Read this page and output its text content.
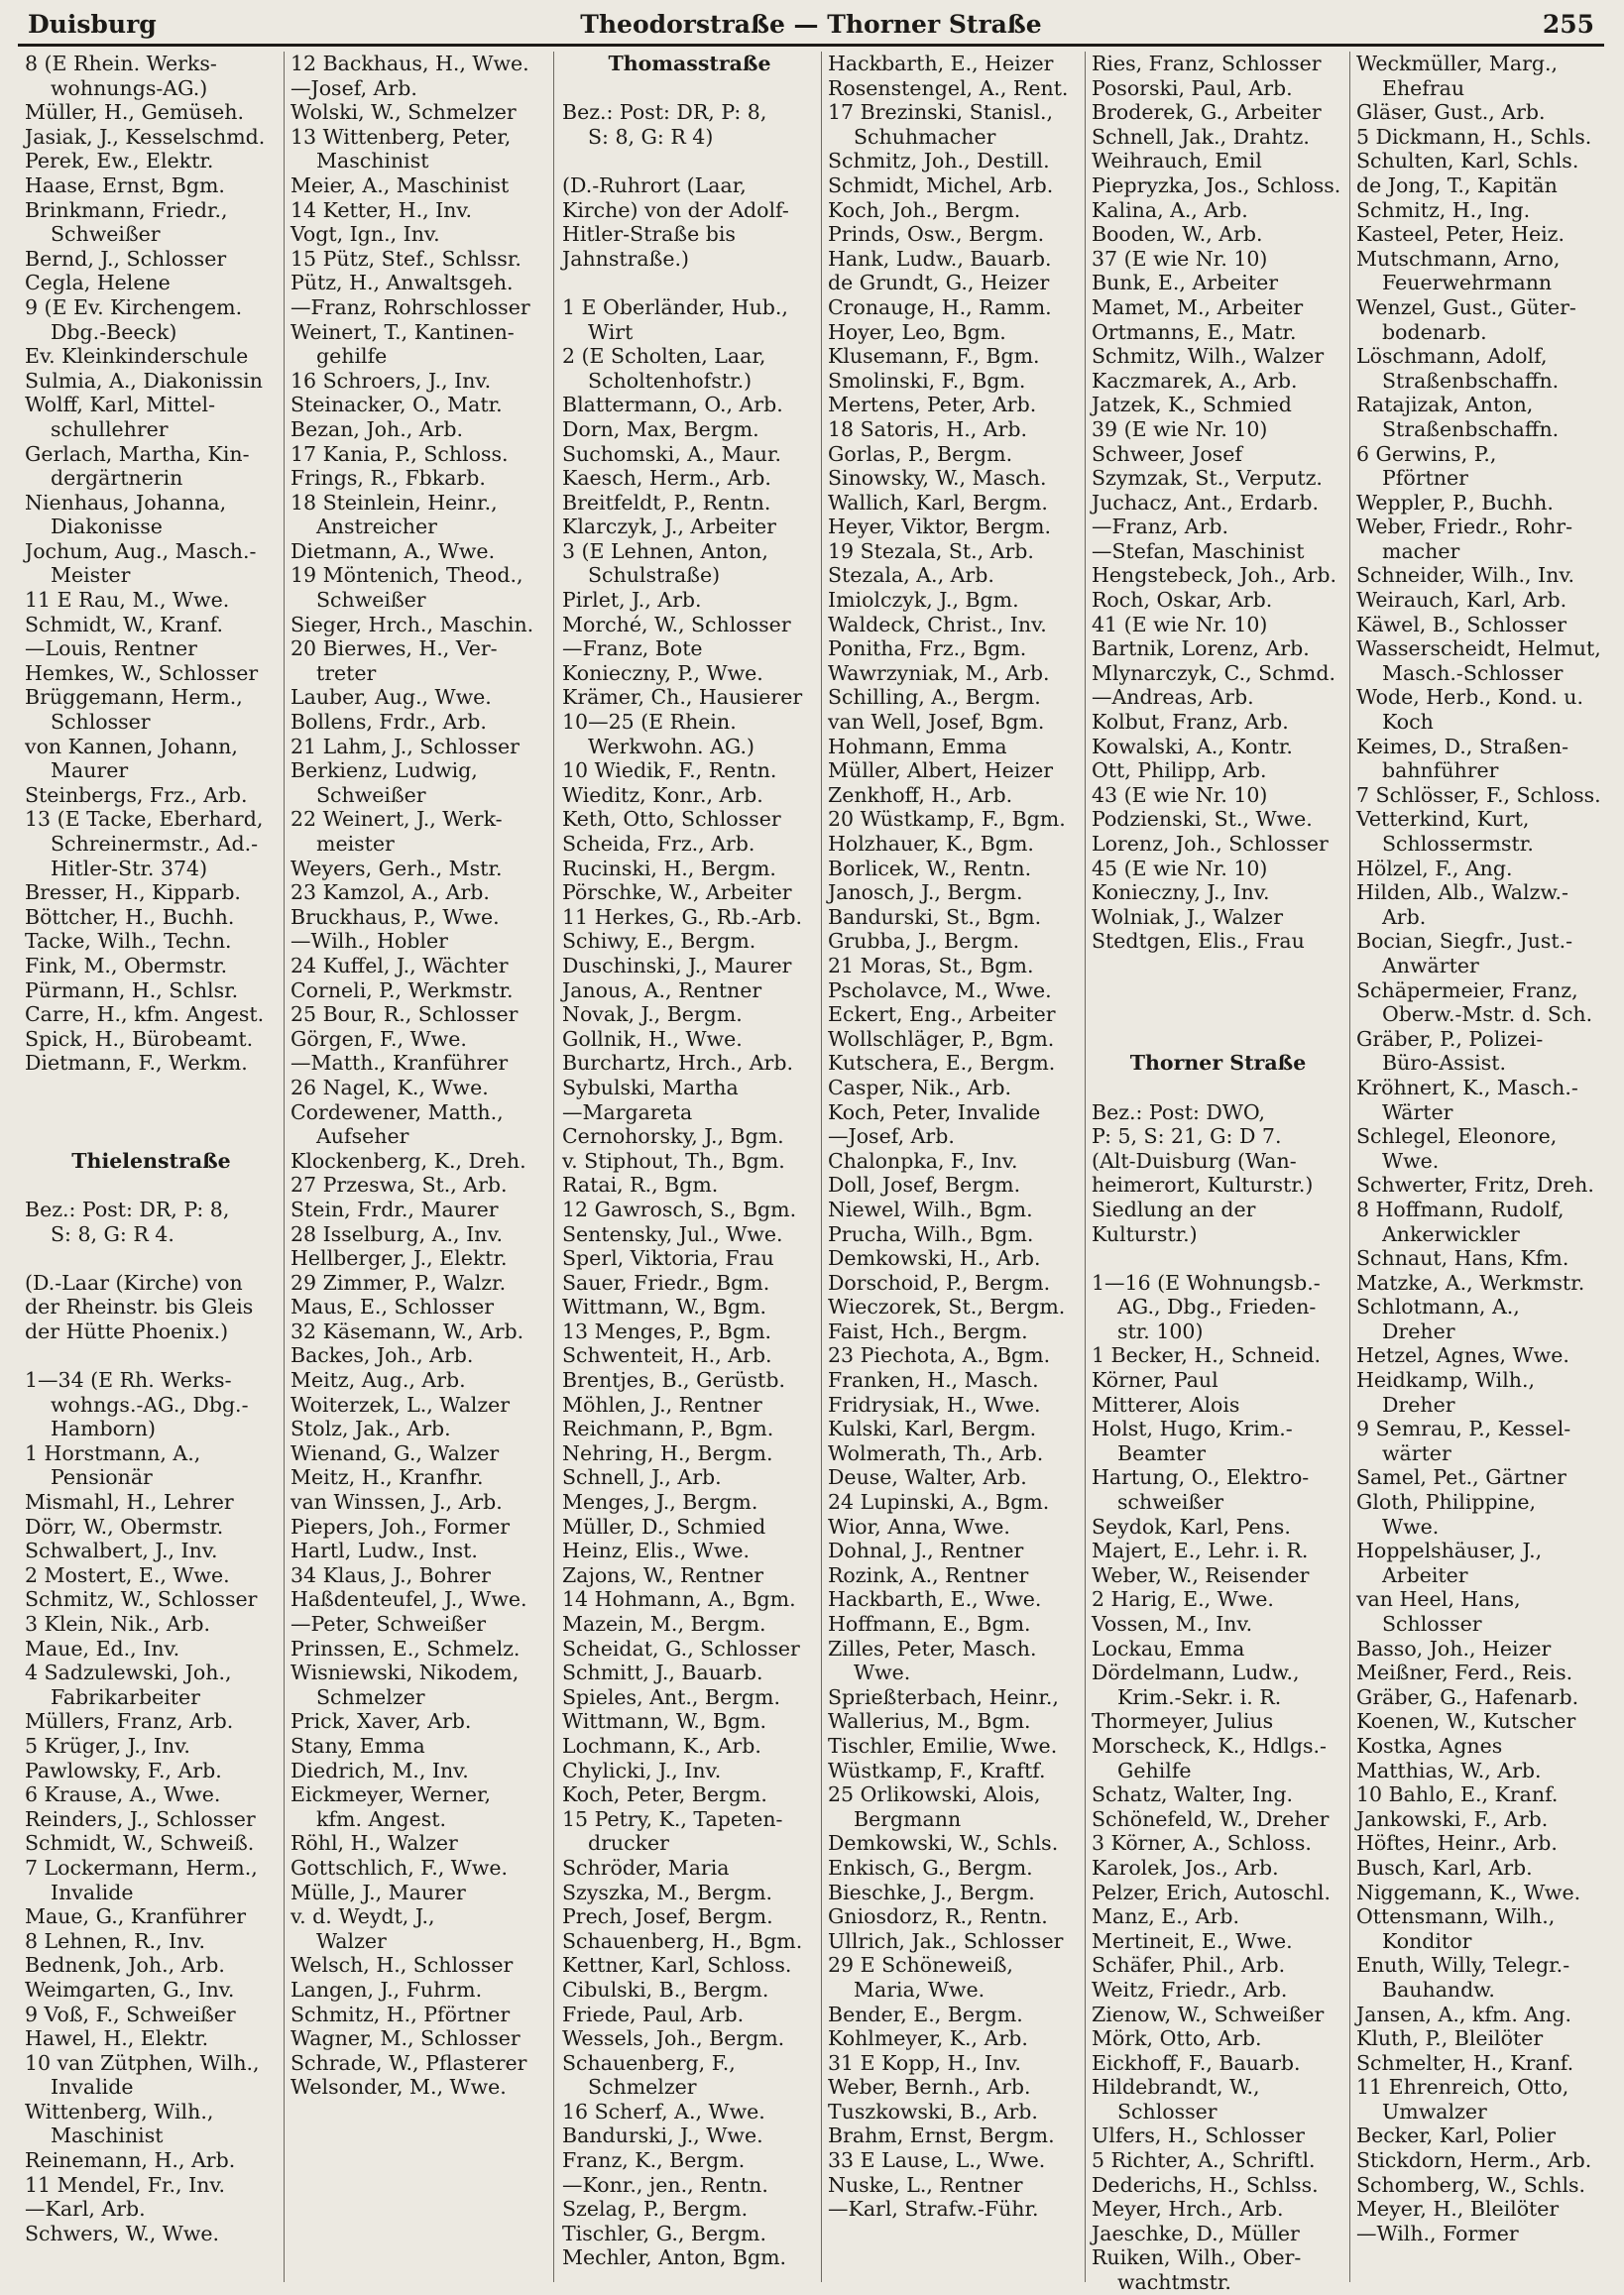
Duisburg	Theodorstraße — Thorner Straße	255
8 (E Rhein. Werks-
wohnungs-AG.)
Müller, H., Gemüseh.
Jasiak, J., Kesselschmd.
Perek, Ew., Elektr.
Haase, Ernst, Bgm.
Brinkmann, Friedr.,
Schweißer
Bernd, J., Schlosser
Cegla, Helene
9 (E Ev. Kirchengem.
Dbg.-Beeck)
Ev. Kleinkinderschule
Sulmia, A., Diakonissin
Wolff, Karl, Mittel-
schullehrer
Gerlach, Martha, Kin-
dergärtnerin
Nienhaus, Johanna,
Diakonisse
Jochum, Aug., Masch.-
Meister
11 E Rau, M., Wwe.
Schmidt, W., Kranf.
—Louis, Rentner
Hemkes, W., Schlosser
Brüggemann, Herm.,
Schlosser
von Kannen, Johann,
Maurer
Steinbergs, Frz., Arb.
13 (E Tacke, Eberhard,
Schreinermstr., Ad.-
Hitler-Str. 374)
Bresser, H., Kipparb.
Böttcher, H., Buchh.
Tacke, Wilh., Techn.
Fink, M., Obermstr.
Pürmann, H., Schlsr.
Carre, H., kfm. Angest.
Spick, H., Bürobeamt.
Dietmann, F., Werkm.
Thielenstraße
Bez.: Post: DR, P: 8,
S: 8, G: R 4.
(D.-Laar (Kirche) von
der Rheinstr. bis Gleis
der Hütte Phoenix.)
1—34 (E Rh. Werks-
wohngs.-AG., Dbg.-
Hamborn)
1 Horstmann, A.,
Pensionär
Mismahl, H., Lehrer
Dörr, W., Obermstr.
Schwalbert, J., Inv.
2 Mostert, E., Wwe.
Schmitz, W., Schlosser
3 Klein, Nik., Arb.
Maue, Ed., Inv.
4 Sadzulewski, Joh.,
Fabrikarbeiter
Müllers, Franz, Arb.
5 Krüger, J., Inv.
Pawlowsky, F., Arb.
6 Krause, A., Wwe.
Reinders, J., Schlosser
Schmidt, W., Schweiß.
7 Lockermann, Herm.,
Invalide
Maue, G., Kranführer
8 Lehnen, R., Inv.
Bednenk, Joh., Arb.
Weimgarten, G., Inv.
9 Voß, F., Schweißer
Hawel, H., Elektr.
10 van Zütphen, Wilh.,
Invalide
Wittenberg, Wilh.,
Maschinist
Reinemann, H., Arb.
11 Mendel, Fr., Inv.
—Karl, Arb.
Schwers, W., Wwe.
12 Backhaus, H., Wwe.
—Josef, Arb.
Wolski, W., Schmelzer
13 Wittenberg, Peter,
Maschinist
Meier, A., Maschinist
14 Ketter, H., Inv.
Vogt, Ign., Inv.
15 Pütz, Stef., Schlssr.
Pütz, H., Anwaltsgeh.
—Franz, Rohrschlosser
Weinert, T., Kantinen-
gehilfe
16 Schroers, J., Inv.
Steinacker, O., Matr.
Bezan, Joh., Arb.
17 Kania, P., Schloss.
Frings, R., Fbkarb.
18 Steinlein, Heinr.,
Anstreicher
Dietmann, A., Wwe.
19 Möntenich, Theod.,
Schweißer
Sieger, Hrch., Maschin.
20 Bierwes, H., Ver-
treter
Lauber, Aug., Wwe.
Bollens, Frdr., Arb.
21 Lahm, J., Schlosser
Berkienz, Ludwig,
Schweißer
22 Weinert, J., Werk-
meister
Weyers, Gerh., Mstr.
23 Kamzol, A., Arb.
Bruckhaus, P., Wwe.
—Wilh., Hobler
24 Kuffel, J., Wächter
Corneli, P., Werkmstr.
25 Bour, R., Schlosser
Görgen, F., Wwe.
—Matth., Kranführer
26 Nagel, K., Wwe.
Cordewener, Matth.,
Aufseher
Klockenberg, K., Dreh.
27 Przeswa, St., Arb.
Stein, Frdr., Maurer
28 Isselburg, A., Inv.
Hellberger, J., Elektr.
29 Zimmer, P., Walzr.
Maus, E., Schlosser
32 Käsemann, W., Arb.
Backes, Joh., Arb.
Meitz, Aug., Arb.
Woiterzek, L., Walzer
Stolz, Jak., Arb.
Wienand, G., Walzer
Meitz, H., Kranfhr.
van Winssen, J., Arb.
Piepers, Joh., Former
Hartl, Ludw., Inst.
34 Klaus, J., Bohrer
Haßdenteufel, J., Wwe.
—Peter, Schweißer
Prinssen, E., Schmelz.
Wisniewski, Nikodem,
Schmelzer
Prick, Xaver, Arb.
Stany, Emma
Diedrich, M., Inv.
Eickmeyer, Werner,
kfm. Angest.
Röhl, H., Walzer
Gottschlich, F., Wwe.
Mülle, J., Maurer
v. d. Weydt, J.,
Walzer
Welsch, H., Schlosser
Langen, J., Fuhrm.
Schmitz, H., Pförtner
Wagner, M., Schlosser
Schrade, W., Pflasterer
Welsonder, M., Wwe.
Thomasstraße
Bez.: Post: DR, P: 8,
S: 8, G: R 4)
(D.-Ruhrort (Laar,
Kirche) von der Adolf-
Hitler-Straße bis
Jahnstraße.)
1 E Oberländer, Hub.,
Wirt
2 (E Scholten, Laar,
Scholtenhofstr.)
Blattermann, O., Arb.
Dorn, Max, Bergm.
Suchomski, A., Maur.
Kaesch, Herm., Arb.
Breitfeldt, P., Rentn.
Klarczyk, J., Arbeiter
3 (E Lehnen, Anton,
Schulstraße)
Pirlet, J., Arb.
Morché, W., Schlosser
—Franz, Bote
Konieczny, P., Wwe.
Krämer, Ch., Hausierer
10—25 (E Rhein.
Werkwohn. AG.)
10 Wiedik, F., Rentn.
Wieditz, Konr., Arb.
Keth, Otto, Schlosser
Scheida, Frz., Arb.
Rucinski, H., Bergm.
Pörschke, W., Arbeiter
11 Herkes, G., Rb.-Arb.
Schiwy, E., Bergm.
Duschinski, J., Maurer
Janous, A., Rentner
Novak, J., Bergm.
Gollnik, H., Wwe.
Burchartz, Hrch., Arb.
Sybulski, Martha
—Margareta
Cernohorsky, J., Bgm.
v. Stiphout, Th., Bgm.
Ratai, R., Bgm.
12 Gawrosch, S., Bgm.
Sentensky, Jul., Wwe.
Sperl, Viktoria, Frau
Sauer, Friedr., Bgm.
Wittmann, W., Bgm.
13 Menges, P., Bgm.
Schwenteit, H., Arb.
Brentjes, B., Gerüstb.
Möhlen, J., Rentner
Reichmann, P., Bgm.
Nehring, H., Bergm.
Schnell, J., Arb.
Menges, J., Bergm.
Müller, D., Schmied
Heinz, Elis., Wwe.
Zajons, W., Rentner
14 Hohmann, A., Bgm.
Mazein, M., Bergm.
Scheidat, G., Schlosser
Schmitt, J., Bauarb.
Spieles, Ant., Bergm.
Wittmann, W., Bgm.
Lochmann, K., Arb.
Chylicki, J., Inv.
Koch, Peter, Bergm.
15 Petry, K., Tapeten-
drucker
Schröder, Maria
Szyszka, M., Bergm.
Prech, Josef, Bergm.
Schauenberg, H., Bgm.
Kettner, Karl, Schloss.
Cibulski, B., Bergm.
Friede, Paul, Arb.
Wessels, Joh., Bergm.
Schauenberg, F.,
Schmelzer
16 Scherf, A., Wwe.
Bandurski, J., Wwe.
Franz, K., Bergm.
—Konr., jen., Rentn.
Szelag, P., Bergm.
Tischler, G., Bergm.
Mechler, Anton, Bgm.
Hackbarth, E., Heizer
Rosenstengel, A., Rent.
17 Brezinski, Stanisl.,
Schuhmacher
Schmitz, Joh., Destill.
Schmidt, Michel, Arb.
Koch, Joh., Bergm.
Prinds, Osw., Bergm.
Hank, Ludw., Bauarb.
de Grundt, G., Heizer
Cronauge, H., Ramm.
Hoyer, Leo, Bgm.
Klusemann, F., Bgm.
Smolinski, F., Bgm.
Mertens, Peter, Arb.
18 Satoris, H., Arb.
Gorlas, P., Bergm.
Sinowsky, W., Masch.
Wallich, Karl, Bergm.
Heyer, Viktor, Bergm.
19 Stezala, St., Arb.
Stezala, A., Arb.
Imiolczyk, J., Bgm.
Waldeck, Christ., Inv.
Ponitha, Frz., Bgm.
Wawrzyniak, M., Arb.
Schilling, A., Bergm.
van Well, Josef, Bgm.
Hohmann, Emma
Müller, Albert, Heizer
Zenkhoff, H., Arb.
20 Wüstkamp, F., Bgm.
Holzhauer, K., Bgm.
Borlicek, W., Rentn.
Janosch, J., Bergm.
Bandurski, St., Bgm.
Grubba, J., Bergm.
21 Moras, St., Bgm.
Pscholavce, M., Wwe.
Eckert, Eng., Arbeiter
Wollschläger, P., Bgm.
Kutschera, E., Bergm.
Casper, Nik., Arb.
Koch, Peter, Invalide
—Josef, Arb.
Chalonpka, F., Inv.
Doll, Josef, Bergm.
Niewel, Wilh., Bgm.
Prucha, Wilh., Bgm.
Demkowski, H., Arb.
Dorschoid, P., Bergm.
Wieczorek, St., Bergm.
Faist, Hch., Bergm.
23 Piechota, A., Bgm.
Franken, H., Masch.
Fridrysiak, H., Wwe.
Kulski, Karl, Bergm.
Wolmerath, Th., Arb.
Deuse, Walter, Arb.
24 Lupinski, A., Bgm.
Wior, Anna, Wwe.
Dohnal, J., Rentner
Rozink, A., Rentner
Hackbarth, E., Wwe.
Hoffmann, E., Bgm.
Zilles, Peter, Masch.
Wwe.
Sprießterbach, Heinr.,
Wallerius, M., Bgm.
Tischler, Emilie, Wwe.
Wüstkamp, F., Kraftf.
25 Orlikowski, Alois,
Bergmann
Demkowski, W., Schls.
Enkisch, G., Bergm.
Bieschke, J., Bergm.
Gniosdorz, R., Rentn.
Ullrich, Jak., Schlosser
29 E Schöneweiß,
Maria, Wwe.
Bender, E., Bergm.
Kohlmeyer, K., Arb.
31 E Kopp, H., Inv.
Weber, Bernh., Arb.
Tuszkowski, B., Arb.
Brahm, Ernst, Bergm.
33 E Lause, L., Wwe.
Nuske, L., Rentner
—Karl, Strafw.-Führ.
Ries, Franz, Schlosser
Posorski, Paul, Arb.
Broderek, G., Arbeiter
Schnell, Jak., Drahtz.
Weihrauch, Emil
Piepryzka, Jos., Schloss.
Kalina, A., Arb.
Booden, W., Arb.
37 (E wie Nr. 10)
Bunk, E., Arbeiter
Mamet, M., Arbeiter
Ortmanns, E., Matr.
Schmitz, Wilh., Walzer
Kaczmarek, A., Arb.
Jatzek, K., Schmied
39 (E wie Nr. 10)
Schweer, Josef
Szymzak, St., Verputz.
Juchacz, Ant., Erdarb.
—Franz, Arb.
—Stefan, Maschinist
Hengstebeck, Joh., Arb.
Roch, Oskar, Arb.
41 (E wie Nr. 10)
Bartnik, Lorenz, Arb.
Mlynarczyk, C., Schmd.
—Andreas, Arb.
Kolbut, Franz, Arb.
Kowalski, A., Kontr.
Ott, Philipp, Arb.
43 (E wie Nr. 10)
Podzienski, St., Wwe.
Lorenz, Joh., Schlosser
45 (E wie Nr. 10)
Konieczny, J., Inv.
Wolniak, J., Walzer
Stedtgen, Elis., Frau
Thorner Straße
Bez.: Post: DWO,
P: 5, S: 21, G: D 7.
(Alt-Duisburg (Wan-
heimerort, Kulturstr.)
Siedlung an der
Kulturstr.)
1—16 (E Wohnungsb.-
AG., Dbg., Frieden-
str. 100)
1 Becker, H., Schneid.
Körner, Paul
Mitterer, Alois
Holst, Hugo, Krim.-
Beamter
Hartung, O., Elektro-
schweißer
Seydok, Karl, Pens.
Majert, E., Lehr. i. R.
Weber, W., Reisender
2 Harig, E., Wwe.
Vossen, M., Inv.
Lockau, Emma
Dördelmann, Ludw.,
Krim.-Sekr. i. R.
Thormeyer, Julius
Morscheck, K., Hdlgs.-
Gehilfe
Schatz, Walter, Ing.
Schönefeld, W., Dreher
3 Körner, A., Schloss.
Karolek, Jos., Arb.
Pelzer, Erich, Autoschl.
Manz, E., Arb.
Mertineit, E., Wwe.
Schäfer, Phil., Arb.
Weitz, Friedr., Arb.
Zienow, W., Schweißer
Mörk, Otto, Arb.
Eickhoff, F., Bauarb.
Hildebrandt, W.,
Schlosser
Ulfers, H., Schlosser
5 Richter, A., Schriftl.
Dederichs, H., Schlss.
Meyer, Hrch., Arb.
Jaeschke, D., Müller
Ruiken, Wilh., Ober-
wachtmstr.
Weckmüller, Marg.,
Ehefrau
Gläser, Gust., Arb.
5 Dickmann, H., Schls.
Schulten, Karl, Schls.
de Jong, T., Kapitän
Schmitz, H., Ing.
Kasteel, Peter, Heiz.
Mutschmann, Arno,
Feuerwehrmann
Wenzel, Gust., Güter-
bodenarb.
Löschmann, Adolf,
Straßenbschaffn.
Ratajizak, Anton,
Straßenbschaffn.
6 Gerwins, P.,
Pförtner
Weppler, P., Buchh.
Weber, Friedr., Rohr-
macher
Schneider, Wilh., Inv.
Weirauch, Karl, Arb.
Käwel, B., Schlosser
Wasserscheidt, Helmut,
Masch.-Schlosser
Wode, Herb., Kond. u.
Koch
Keimes, D., Straßen-
bahnführer
7 Schlösser, F., Schloss.
Vetterkind, Kurt,
Schlossermstr.
Hölzel, F., Ang.
Hilden, Alb., Walzw.-
Arb.
Bocian, Siegfr., Just.-
Anwärter
Schäpermeier, Franz,
Oberw.-Mstr. d. Sch.
Gräber, P., Polizei-
Büro-Assist.
Kröhnert, K., Masch.-
Wärter
Schlegel, Eleonore,
Wwe.
Schwerter, Fritz, Dreh.
8 Hoffmann, Rudolf,
Ankerwickler
Schnaut, Hans, Kfm.
Matzke, A., Werkmstr.
Schlotmann, A.,
Dreher
Hetzel, Agnes, Wwe.
Heidkamp, Wilh.,
Dreher
9 Semrau, P., Kessel-
wärter
Samel, Pet., Gärtner
Gloth, Philippine,
Wwe.
Hoppelshäuser, J.,
Arbeiter
van Heel, Hans,
Schlosser
Basso, Joh., Heizer
Meißner, Ferd., Reis.
Gräber, G., Hafenarb.
Koenen, W., Kutscher
Kostka, Agnes
Matthias, W., Arb.
10 Bahlo, E., Kranf.
Jankowski, F., Arb.
Höftes, Heinr., Arb.
Busch, Karl, Arb.
Niggemann, K., Wwe.
Ottensmann, Wilh.,
Konditor
Enuth, Willy, Telegr.-
Bauhandw.
Jansen, A., kfm. Ang.
Kluth, P., Bleilöter
Schmelter, H., Kranf.
11 Ehrenreich, Otto,
Umwalzer
Becker, Karl, Polier
Stickdorn, Herm., Arb.
Schomberg, W., Schls.
Meyer, H., Bleilöter
—Wilh., Former
